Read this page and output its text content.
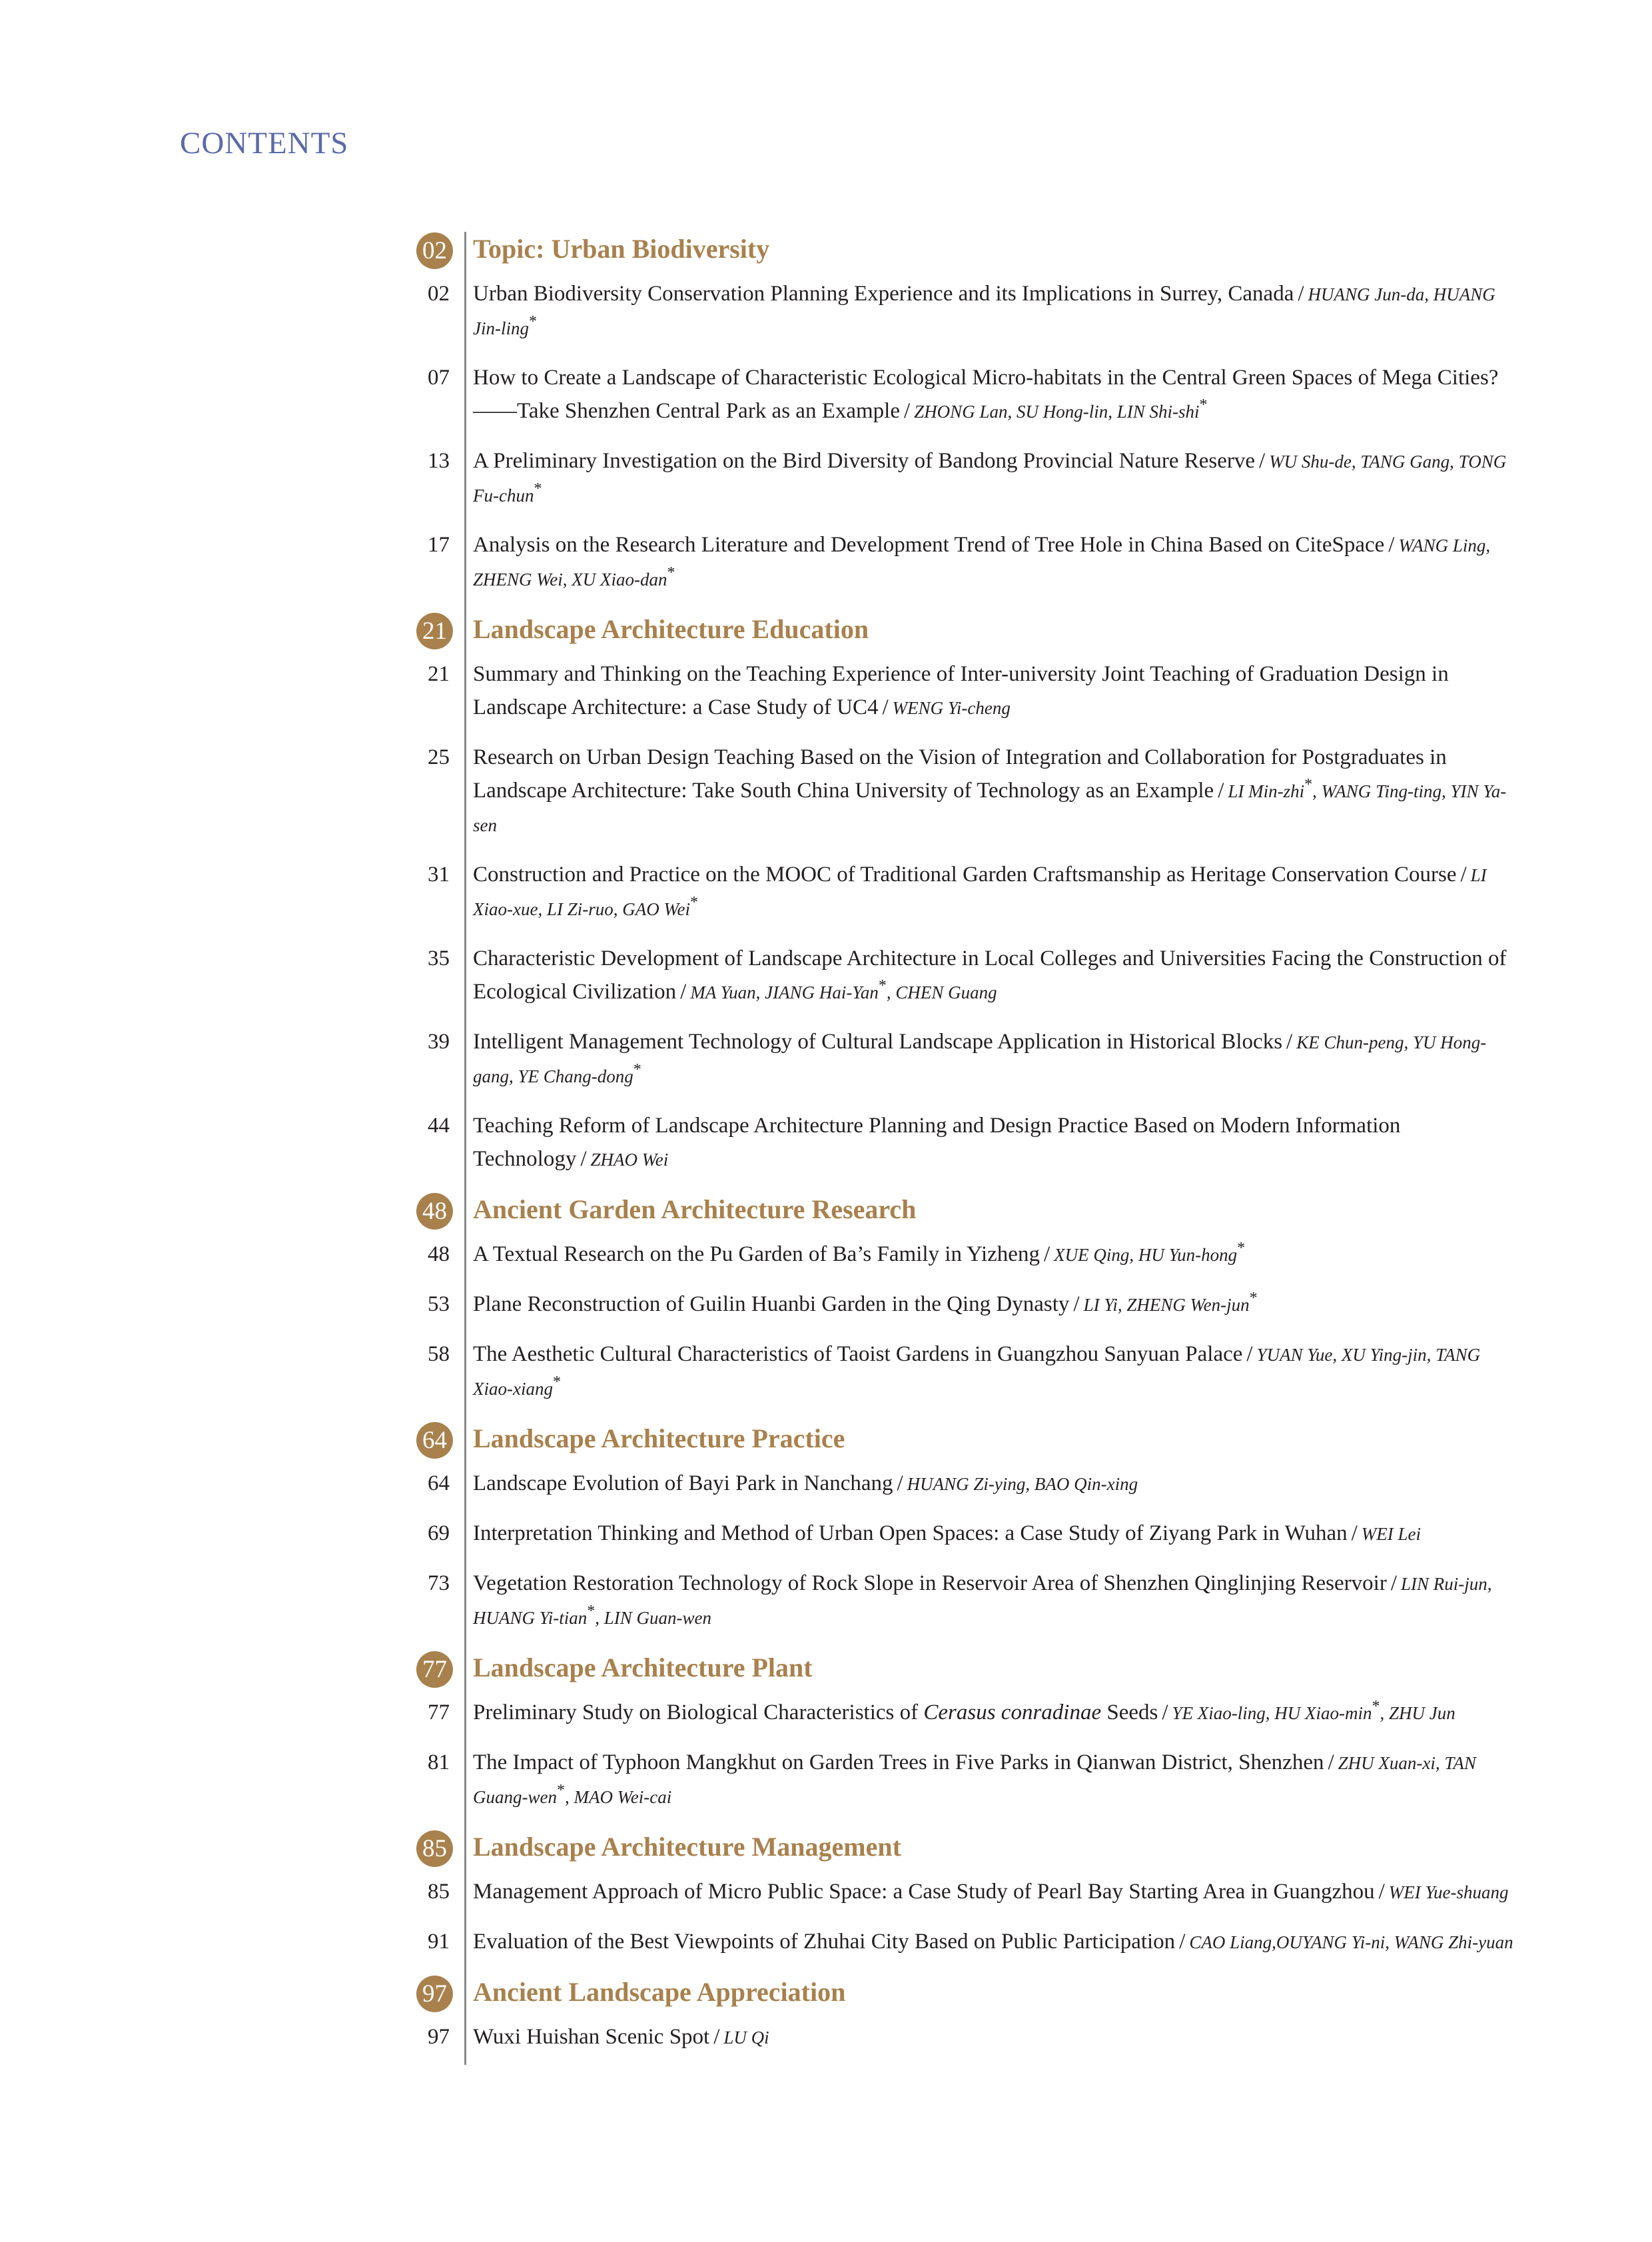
CONTENTS
02 Topic: Urban Biodiversity
02 Urban Biodiversity Conservation Planning Experience and its Implications in Surrey, Canada / HUANG Jun-da, HUANG Jin-ling*
07 How to Create a Landscape of Characteristic Ecological Micro-habitats in the Central Green Spaces of Mega Cities?——Take Shenzhen Central Park as an Example / ZHONG Lan, SU Hong-lin, LIN Shi-shi*
13 A Preliminary Investigation on the Bird Diversity of Bandong Provincial Nature Reserve / WU Shu-de, TANG Gang, TONG Fu-chun*
17 Analysis on the Research Literature and Development Trend of Tree Hole in China Based on CiteSpace / WANG Ling, ZHENG Wei, XU Xiao-dan*
21 Landscape Architecture Education
21 Summary and Thinking on the Teaching Experience of Inter-university Joint Teaching of Graduation Design in Landscape Architecture: a Case Study of UC4 / WENG Yi-cheng
25 Research on Urban Design Teaching Based on the Vision of Integration and Collaboration for Postgraduates in Landscape Architecture: Take South China University of Technology as an Example / LI Min-zhi*, WANG Ting-ting, YIN Ya-sen
31 Construction and Practice on the MOOC of Traditional Garden Craftsmanship as Heritage Conservation Course / LI Xiao-xue, LI Zi-ruo, GAO Wei*
35 Characteristic Development of Landscape Architecture in Local Colleges and Universities Facing the Construction of Ecological Civilization / MA Yuan, JIANG Hai-Yan*, CHEN Guang
39 Intelligent Management Technology of Cultural Landscape Application in Historical Blocks / KE Chun-peng, YU Hong-gang, YE Chang-dong*
44 Teaching Reform of Landscape Architecture Planning and Design Practice Based on Modern Information Technology / ZHAO Wei
48 Ancient Garden Architecture Research
48 A Textual Research on the Pu Garden of Ba’s Family in Yizheng / XUE Qing, HU Yun-hong*
53 Plane Reconstruction of Guilin Huanbi Garden in the Qing Dynasty / LI Yi, ZHENG Wen-jun*
58 The Aesthetic Cultural Characteristics of Taoist Gardens in Guangzhou Sanyuan Palace / YUAN Yue, XU Ying-jin, TANG Xiao-xiang*
64 Landscape Architecture Practice
64 Landscape Evolution of Bayi Park in Nanchang / HUANG Zi-ying, BAO Qin-xing
69 Interpretation Thinking and Method of Urban Open Spaces: a Case Study of Ziyang Park in Wuhan / WEI Lei
73 Vegetation Restoration Technology of Rock Slope in Reservoir Area of Shenzhen Qinglinjing Reservoir / LIN Rui-jun, HUANG Yi-tian*, LIN Guan-wen
77 Landscape Architecture Plant
77 Preliminary Study on Biological Characteristics of Cerasus conradinae Seeds / YE Xiao-ling, HU Xiao-min*, ZHU Jun
81 The Impact of Typhoon Mangkhut on Garden Trees in Five Parks in Qianwan District, Shenzhen / ZHU Xuan-xi, TAN Guang-wen*, MAO Wei-cai
85 Landscape Architecture Management
85 Management Approach of Micro Public Space: a Case Study of Pearl Bay Starting Area in Guangzhou / WEI Yue-shuang
91 Evaluation of the Best Viewpoints of Zhuhai City Based on Public Participation / CAO Liang,OUYANG Yi-ni, WANG Zhi-yuan
97 Ancient Landscape Appreciation
97 Wuxi Huishan Scenic Spot / LU Qi
